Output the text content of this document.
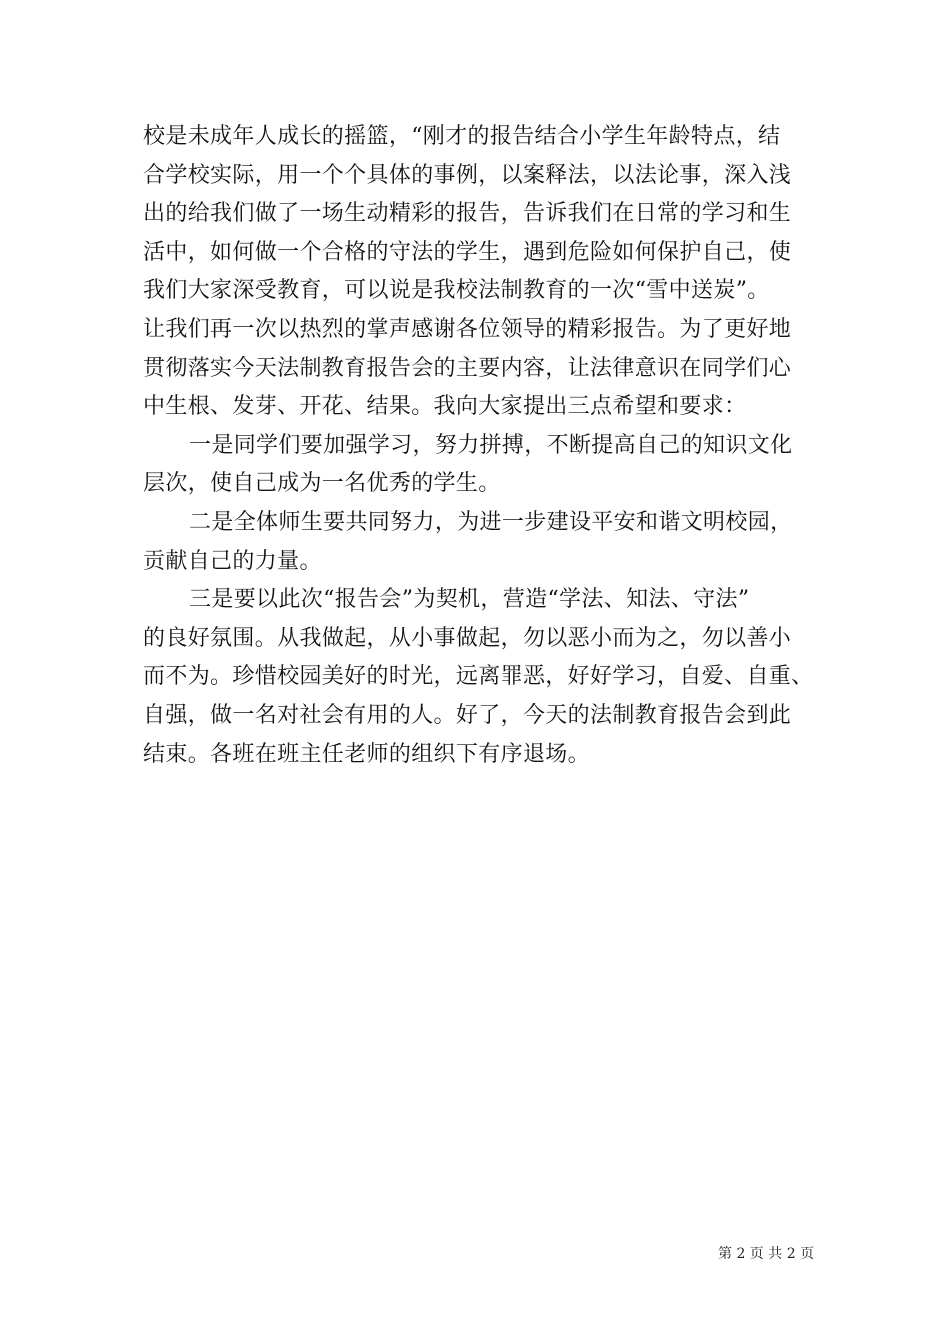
校是未成年人成长的摇篮，“刚才的报告结合小学生年龄特点，结
合学校实际，用一个个具体的事例，以案释法，以法论事，深入浅
出的给我们做了一场生动精彩的报告，告诉我们在日常的学习和生
活中，如何做一个合格的守法的学生，遇到危险如何保护自己，使
我们大家深受教育，可以说是我校法制教育的一次“雪中送炭”。
让我们再一次以热烈的掌声感谢各位领导的精彩报告。为了更好地
贯彻落实今天法制教育报告会的主要内容，让法律意识在同学们心
中生根、发芽、开花、结果。我向大家提出三点希望和要求：
一是同学们要加强学习，努力拼搏，不断提高自己的知识文化
层次，使自己成为一名优秀的学生。
二是全体师生要共同努力，为进一步建设平安和谐文明校园，
贡献自己的力量。
三是要以此次“报告会”为契机，营造“学法、知法、守法”
的良好氛围。从我做起，从小事做起，勿以恶小而为之，勿以善小
而不为。珍惜校园美好的时光，远离罪恶，好好学习，自爱、自重、
自强，做一名对社会有用的人。好了，今天的法制教育报告会到此
结束。各班在班主任老师的组织下有序退场。
第 2 页 共 2 页
